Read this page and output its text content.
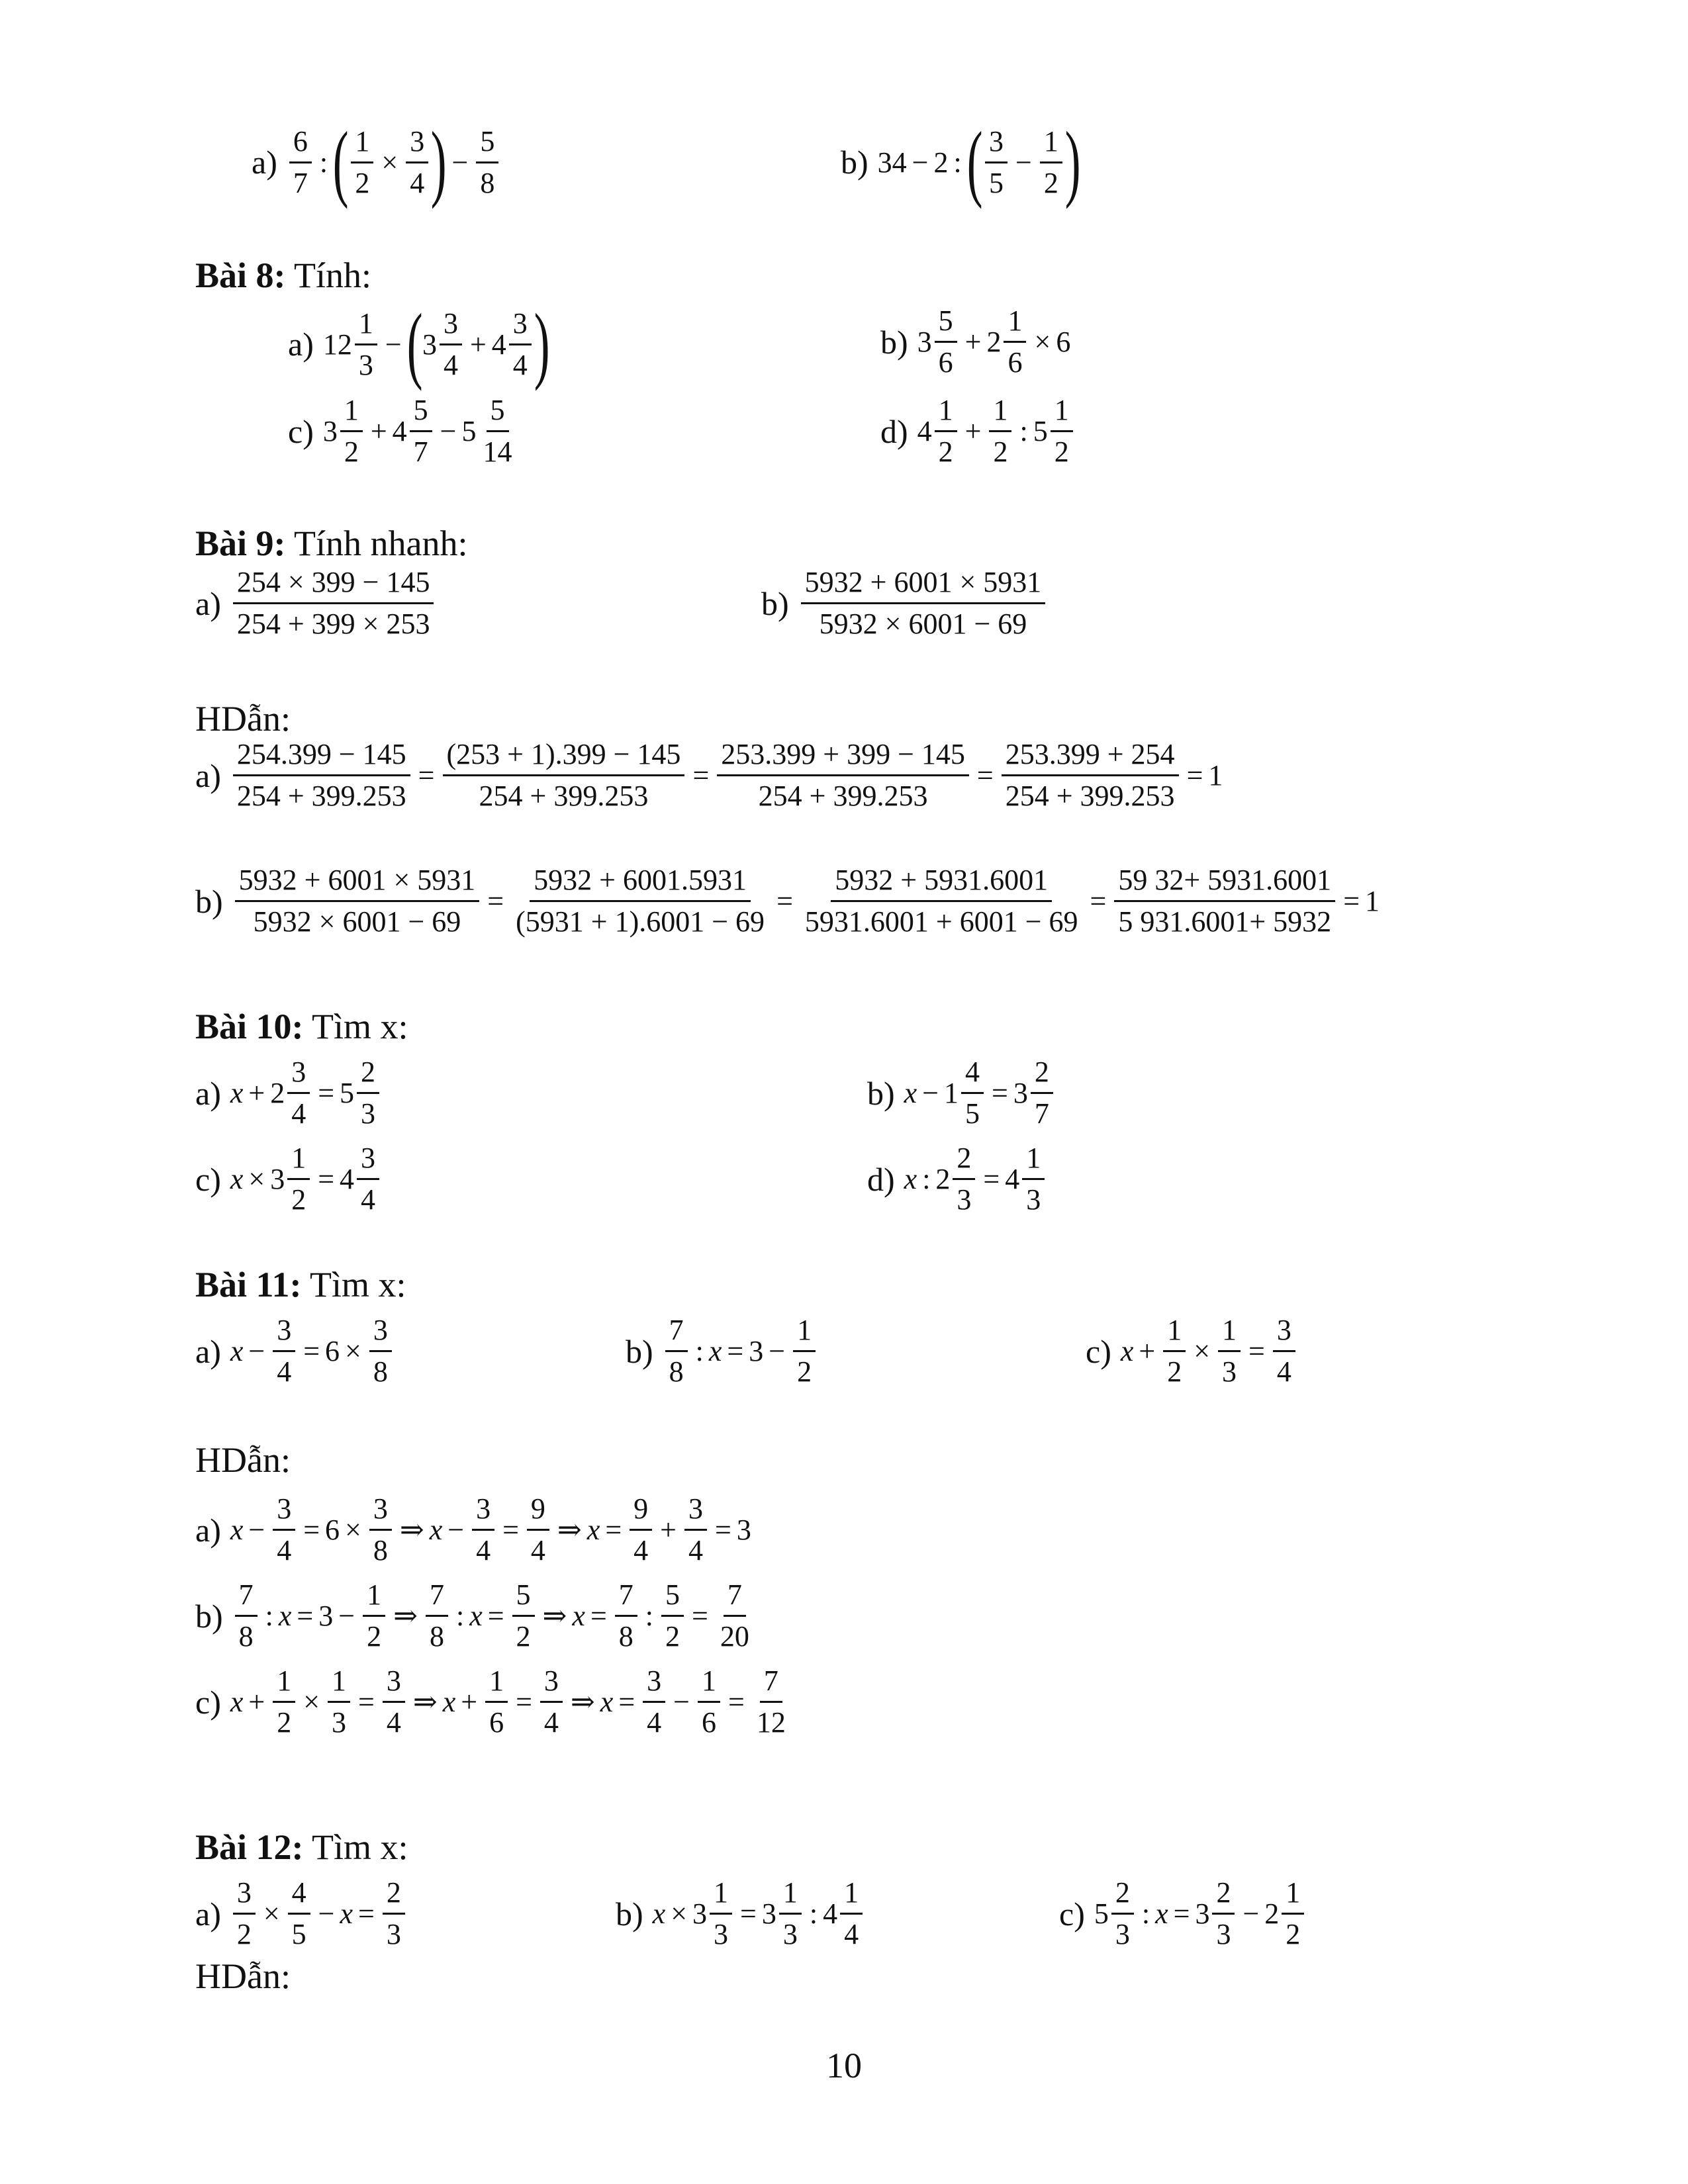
$a) \frac{6}{7}$ : ( $\frac{1}{2} \times \frac{3}{4}$ ) − $\frac{5}{8}$	b) 34 − 2 : ( $\frac{3}{5} - \frac{1}{2}$ )
Bài 8: Tính:
a) $12 \frac{1}{3}$ − ( $3 \frac{3}{4} + 4 \frac{3}{4}$ )	b) $3 \frac{5}{6} + 2 \frac{1}{6} \times 6$
c) $3 \frac{1}{2} + 4 \frac{5}{7} - 5 \frac{5}{14}$	d) $4 \frac{1}{2} + \frac{1}{2}$ : $5 \frac{1}{2}$
Bài 9: Tính nhanh:
$a) \frac{254 \times 399 - 145}{254 + 399 \times 253}$	$b) \frac{5932 + 6001 \times 5931}{5932 \times 6001 - 69}$
HDẫn:
$a) \frac{254.399 - 145}{254 + 399.253} = \frac{(253 + 1).399 - 145}{254 + 399.253} = \frac{253.399 + 399 - 145}{254 + 399.253} = \frac{253.399 + 254}{254 + 399.253} = 1$
$b) \frac{5932 + 6001 \times 5931}{5932 \times 6001 - 69} = \frac{5932 + 6001.5931}{(5931 + 1).6001 - 69} = \frac{5932 + 5931.6001}{5931.6001 + 6001 - 69} = \frac{59 32+ 5931.6001}{5 931.6001+ 5932} = 1$
Bài 10: Tìm x:
a) $x + 2 \frac{3}{4} = 5 \frac{2}{3}$	b) $x - 1 \frac{4}{5} = 3 \frac{2}{7}$
c) $x \times 3 \frac{1}{2} = 4 \frac{3}{4}$	d) x : $2 \frac{2}{3} = 4 \frac{1}{3}$
Bài 11: Tìm x:
a) $x - \frac{3}{4} = 6 \times \frac{3}{8}$	$b) \frac{7}{8}$ : $x = 3 - \frac{1}{2}$	c) $x + \frac{1}{2} \times \frac{1}{3} = \frac{3}{4}$
HDẫn:
a) $x - \frac{3}{4} = 6 \times \frac{3}{8}$ ⇒ $x - \frac{3}{4} = \frac{9}{4}$ ⇒ $x = \frac{9}{4} + \frac{3}{4} = 3$
$b) \frac{7}{8}$ : $x = 3 - \frac{1}{2}$ ⇒ $\frac{7}{8}$ : $x = \frac{5}{2}$ ⇒ $x = \frac{7}{8}$ : $\frac{5}{2} = \frac{7}{20}$
c) $x + \frac{1}{2} \times \frac{1}{3} = \frac{3}{4}$ ⇒ $x + \frac{1}{6} = \frac{3}{4}$ ⇒ $x = \frac{3}{4} - \frac{1}{6} = \frac{7}{12}$
Bài 12: Tìm x:
$a) \frac{3}{2} \times \frac{4}{5} - x = \frac{2}{3}$	b) $x \times 3 \frac{1}{3} = 3 \frac{1}{3}$ : $4 \frac{1}{4}$	c) $5 \frac{2}{3}$ : $x = 3 \frac{2}{3} - 2 \frac{1}{2}$
HDẫn:
10
